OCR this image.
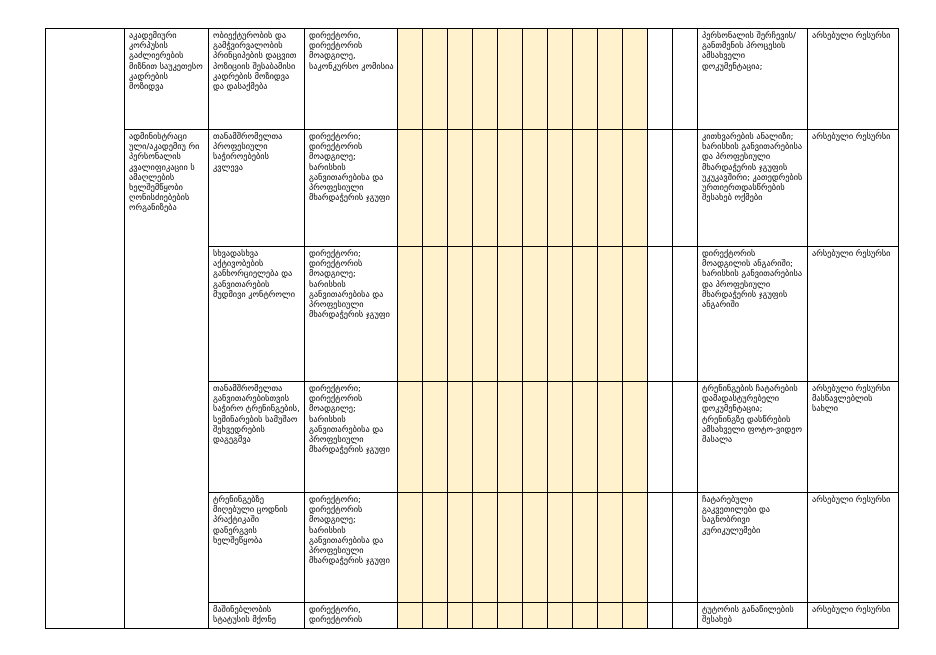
	აკადემიური კორპუსის გაძლიერების მიზნით საუკეთესო კადრების მოზიდვა	ობიექტურობის და გამჭვირვალობის პრინციპების დაცვით პოზიციის შესაბამისი კადრების მოზიდვა და დასაქმება	დირექტორი, დირექტორის მოადგილე, საკონკურსო კომისია													პერსონალის შერჩევის/განთმენის პროცესის ამსახველი დოკუმენტაცია;	არსებული რესურსი

	ადმინისტრაცი ული/აკადემიუ რი პერსონალის კვალიფიკაციი ს ამაღლების ხელშემწყობი ღონისძიებების ორგანიზება	თანამშრომელთა პროფესიული საჭიროებების კვლევა	დირექტორი; დირექტორის მოადგილე; ხარისხის განვითარებისა და პროფესიული მხარდაჭერის ჯგუფი													კითხვარების ანალიზი; ხარისხის განვითარებისა და პროფესიული მხარდაჭერის ჯგუფის უკუკავშირი; კათედრების ურთიერთდასწრების შესახებ ოქმები	არსებული რესურსი

		სხვადასხვა აქტივობების განხორციელება და განვითარების მუდმივი კონტროლი	დირექტორი; დირექტორის მოადგილე; ხარისხის განვითარებისა და პროფესიული მხარდაჭერის ჯგუფი													დირექტორის მოადგილის ანგარიში; ხარისხის განვითარებისა და პროფესიული მხარდაჭერის ჯგუფის ანგარიში	არსებული რესურსი

		თანამშრომელთა განვითარებისთვის საჭირო ტრენინგების, სემინარების სამუშაო შეხვედრების დაგეგმვა	დირექტორი; დირექტორის მოადგილე; ხარისხის განვითარებისა და პროფესიული მხარდაჭერის ჯგუფი													ტრენინგების ჩატარების დამადასტურებელი დოკუმენტაცია; ტრენინგზე დასწრების ამსახველი ფოტო-ვიდეო მასალა	არსებული რესურსი მასწავლებლის სახლი

		ტრენინგებზე მიღებული ცოდნის პრაქტიკაში დანერგვის ხელშეწყობა	დირექტორი; დირექტორის მოადგილე; ხარისხის განვითარებისა და პროფესიული მხარდაჭერის ჯგუფი													ჩატარებული გაკვეთილები და საგნობრივი კურიკულუმები	არსებული რესურსი

		მაშინებლობის სტატუსის მქონე	დირექტორი, დირექტორის													ტუტორის განაწილების შესახებ	არსებული რესურსი
